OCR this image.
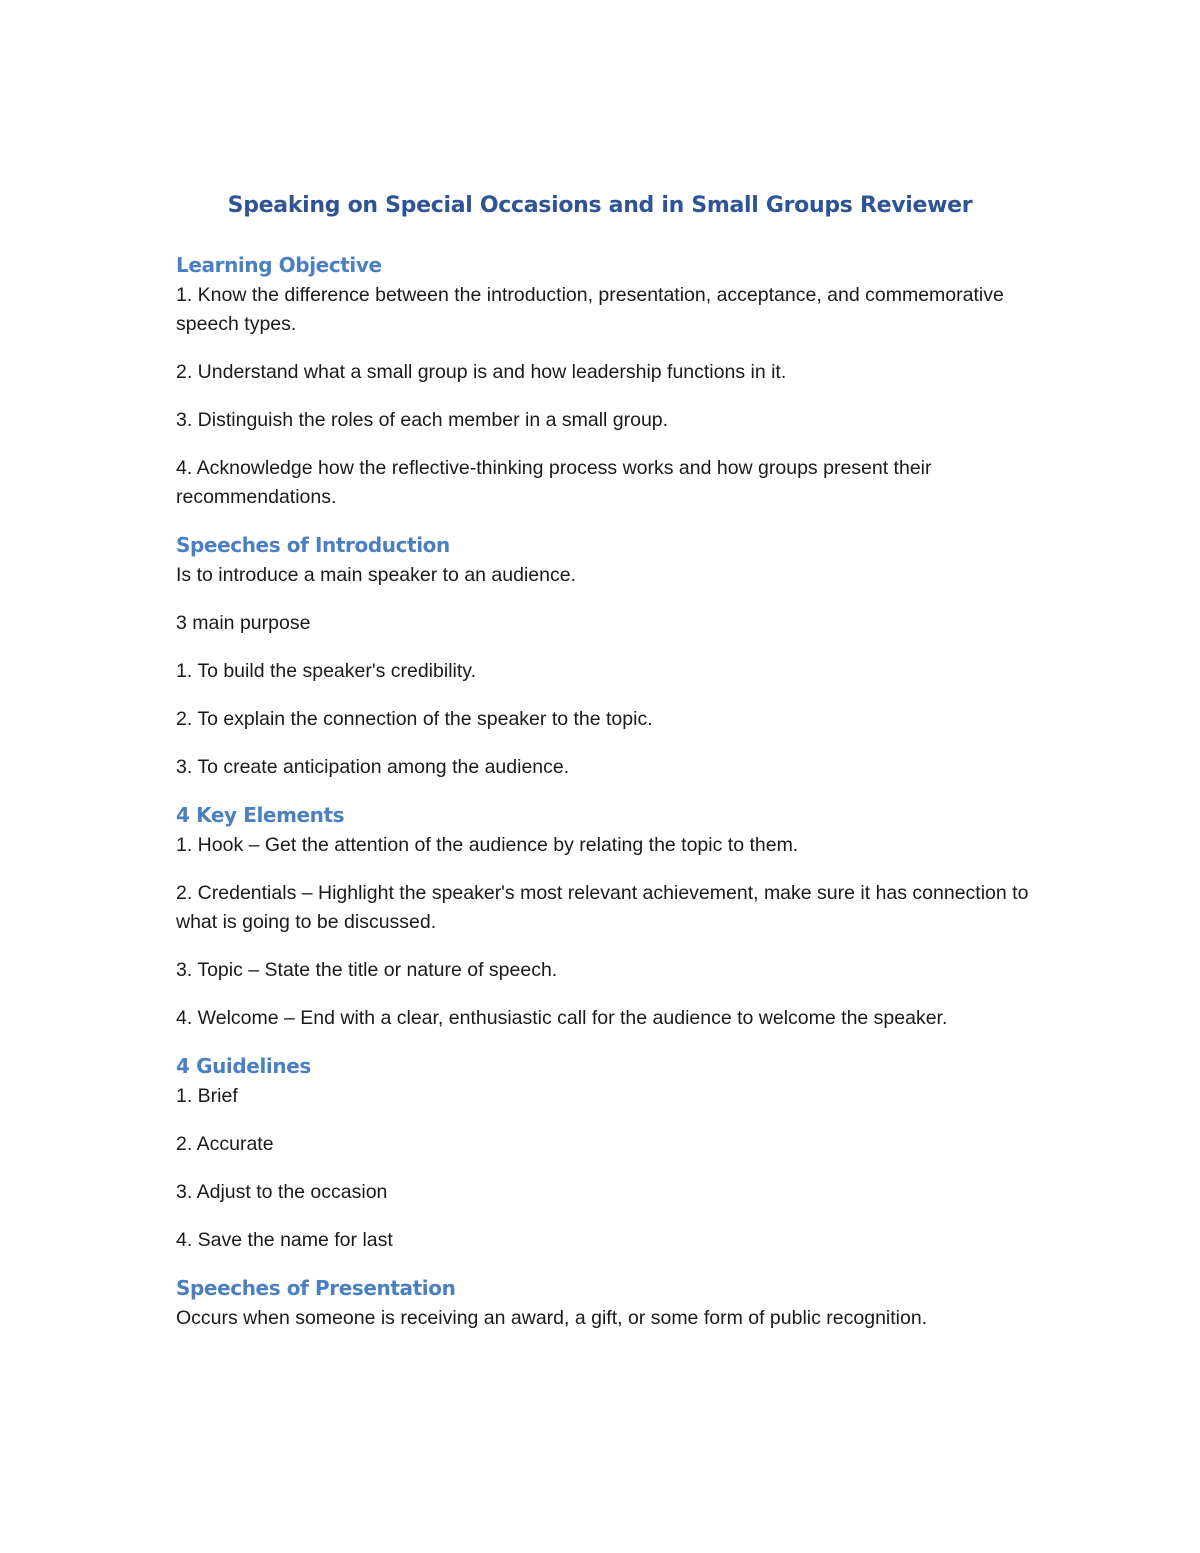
Speaking on Special Occasions and in Small Groups Reviewer
Learning Objective

1. Know the difference between the introduction, presentation, acceptance, and commemorative speech types.

2. Understand what a small group is and how leadership functions in it.

3. Distinguish the roles of each member in a small group.

4. Acknowledge how the reflective-thinking process works and how groups present their recommendations.

Speeches of Introduction

Is to introduce a main speaker to an audience.

3 main purpose

1. To build the speaker's credibility.

2. To explain the connection of the speaker to the topic.

3. To create anticipation among the audience.

4 Key Elements

1. Hook – Get the attention of the audience by relating the topic to them.

2. Credentials – Highlight the speaker's most relevant achievement, make sure it has connection to what is going to be discussed.

3. Topic – State the title or nature of speech.

4. Welcome – End with a clear, enthusiastic call for the audience to welcome the speaker.

4 Guidelines

1. Brief

2. Accurate

3. Adjust to the occasion

4. Save the name for last

Speeches of Presentation

Occurs when someone is receiving an award, a gift, or some form of public recognition.
